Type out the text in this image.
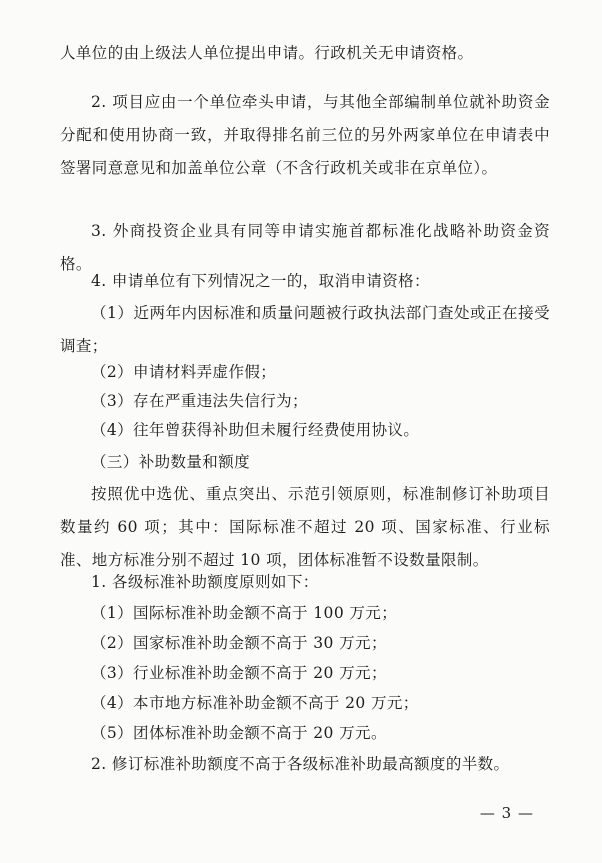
人单位的由上级法人单位提出申请。行政机关无申请资格。

2. 项目应由一个单位牵头申请，与其他全部编制单位就补助资金分配和使用协商一致，并取得排名前三位的另外两家单位在申请表中签署同意意见和加盖单位公章（不含行政机关或非在京单位）。

3. 外商投资企业具有同等申请实施首都标准化战略补助资金资格。

4. 申请单位有下列情况之一的，取消申请资格：

（1）近两年内因标准和质量问题被行政执法部门查处或正在接受调查；

（2）申请材料弄虚作假；
（3）存在严重违法失信行为；
（4）往年曾获得补助但未履行经费使用协议。
（三）补助数量和额度

按照优中选优、重点突出、示范引领原则，标准制修订补助项目数量约 60 项；其中：国际标准不超过 20 项、国家标准、行业标准、地方标准分别不超过 10 项，团体标准暂不设数量限制。

1. 各级标准补助额度原则如下：
（1）国际标准补助金额不高于 100 万元；
（2）国家标准补助金额不高于 30 万元；
（3）行业标准补助金额不高于 20 万元；
（4）本市地方标准补助金额不高于 20 万元；
（5）团体标准补助金额不高于 20 万元。
2. 修订标准补助额度不高于各级标准补助最高额度的半数。
— 3 —
